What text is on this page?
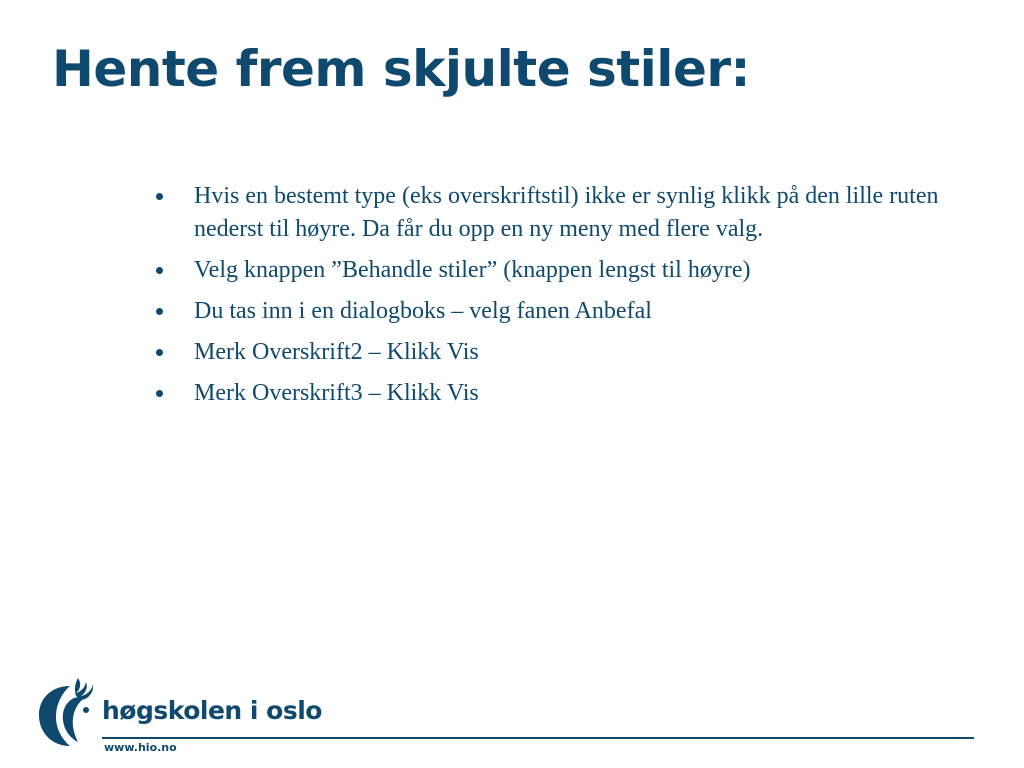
Hente frem skjulte stiler:
Hvis en bestemt type (eks overskriftstil) ikke er synlig klikk på den lille ruten nederst til høyre. Da får du opp en ny meny med flere valg.
Velg knappen ”Behandle stiler” (knappen lengst til høyre)
Du tas inn i en dialogboks – velg fanen Anbefal
Merk Overskrift2 – Klikk Vis
Merk Overskrift3 – Klikk Vis
høgskolen i oslo
www.hio.no
